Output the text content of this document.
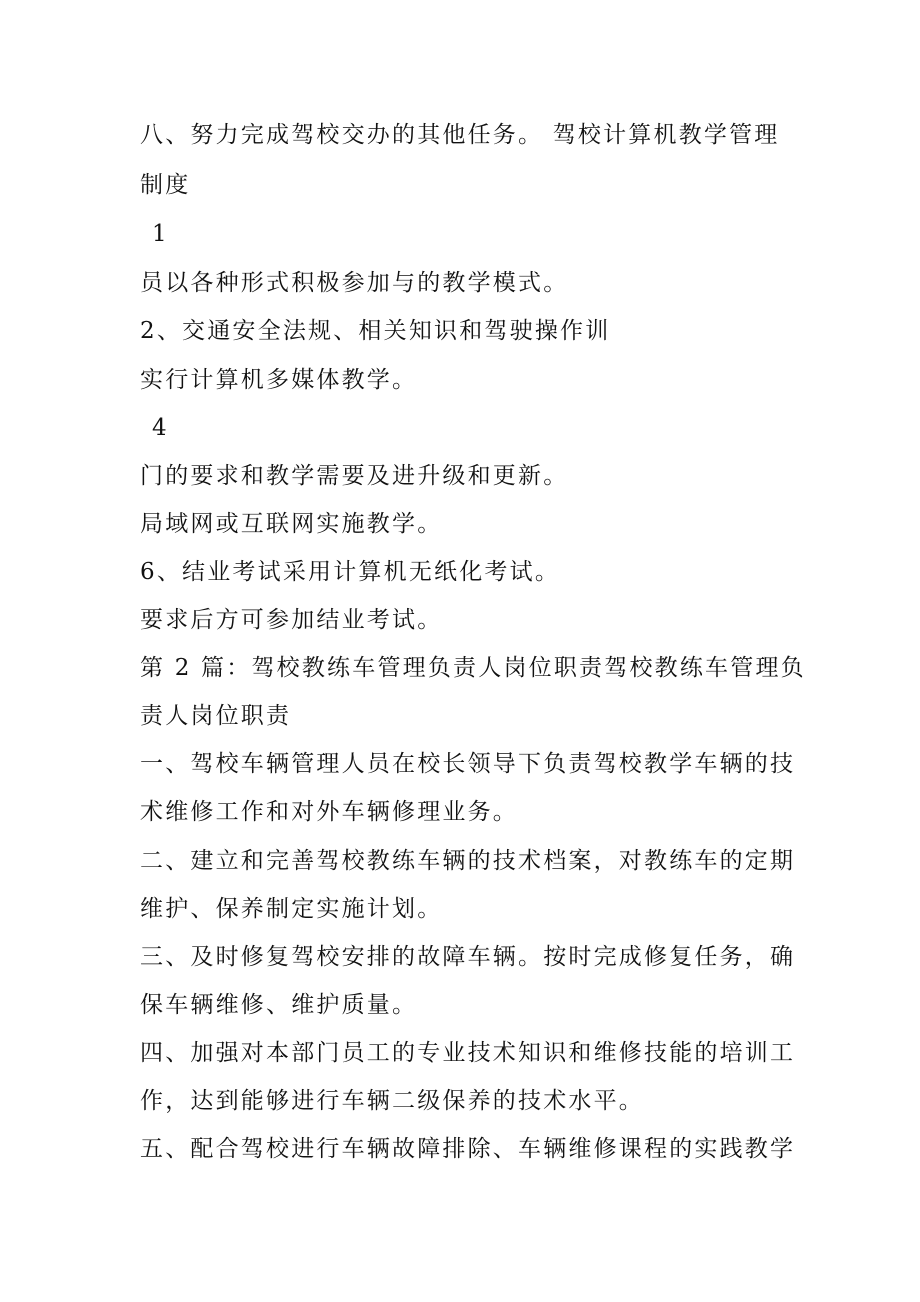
八、努力完成驾校交办的其他任务。 驾校计算机教学管理
制度
1
员以各种形式积极参加与的教学模式。
2、交通安全法规、相关知识和驾驶操作训
实行计算机多媒体教学。
4
门的要求和教学需要及进升级和更新。
局域网或互联网实施教学。
6、结业考试采用计算机无纸化考试。
要求后方可参加结业考试。
第 2 篇：驾校教练车管理负责人岗位职责驾校教练车管理负
责人岗位职责
一、驾校车辆管理人员在校长领导下负责驾校教学车辆的技
术维修工作和对外车辆修理业务。
二、建立和完善驾校教练车辆的技术档案，对教练车的定期
维护、保养制定实施计划。
三、及时修复驾校安排的故障车辆。按时完成修复任务，确
保车辆维修、维护质量。
四、加强对本部门员工的专业技术知识和维修技能的培训工
作，达到能够进行车辆二级保养的技术水平。
五、配合驾校进行车辆故障排除、车辆维修课程的实践教学
